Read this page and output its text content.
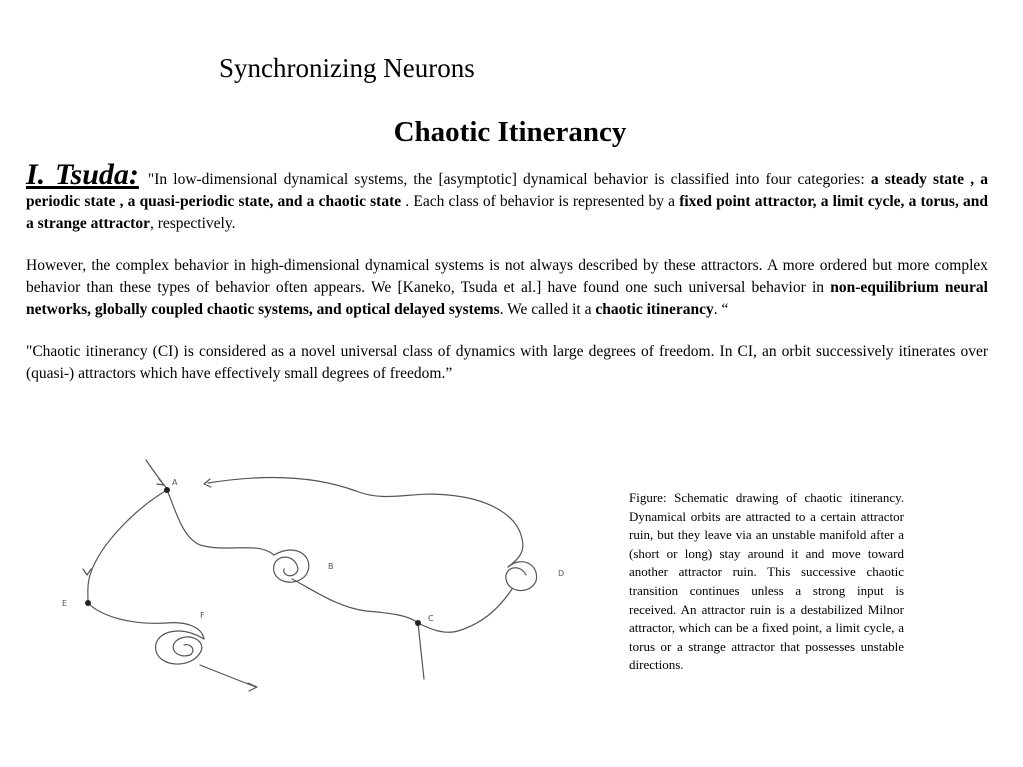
Synchronizing Neurons
Chaotic Itinerancy

I. Tsuda: "In low-dimensional dynamical systems, the [asymptotic] dynamical behavior is classified into four categories: a steady state , a periodic state , a quasi-periodic state, and a chaotic state . Each class of behavior is represented by a fixed point attractor, a limit cycle, a torus, and a strange attractor, respectively.

However, the complex behavior in high-dimensional dynamical systems is not always described by these attractors. A more ordered but more complex behavior than these types of behavior often appears. We [Kaneko, Tsuda et al.] have found one such universal behavior in non-equilibrium neural networks, globally coupled chaotic systems, and optical delayed systems. We called it a chaotic itinerancy. “

"Chaotic itinerancy (CI) is considered as a novel universal class of dynamics with large degrees of freedom. In CI, an orbit successively itinerates over (quasi-) attractors which have effectively small degrees of freedom.”

A
B
C
D
E
F
Figure: Schematic drawing of chaotic itinerancy. Dynamical orbits are attracted to a certain attractor ruin, but they leave via an unstable manifold after a (short or long) stay around it and move toward another attractor ruin. This successive chaotic transition continues unless a strong input is received. An attractor ruin is a destabilized Milnor attractor, which can be a fixed point, a limit cycle, a torus or a strange attractor that possesses unstable directions.
